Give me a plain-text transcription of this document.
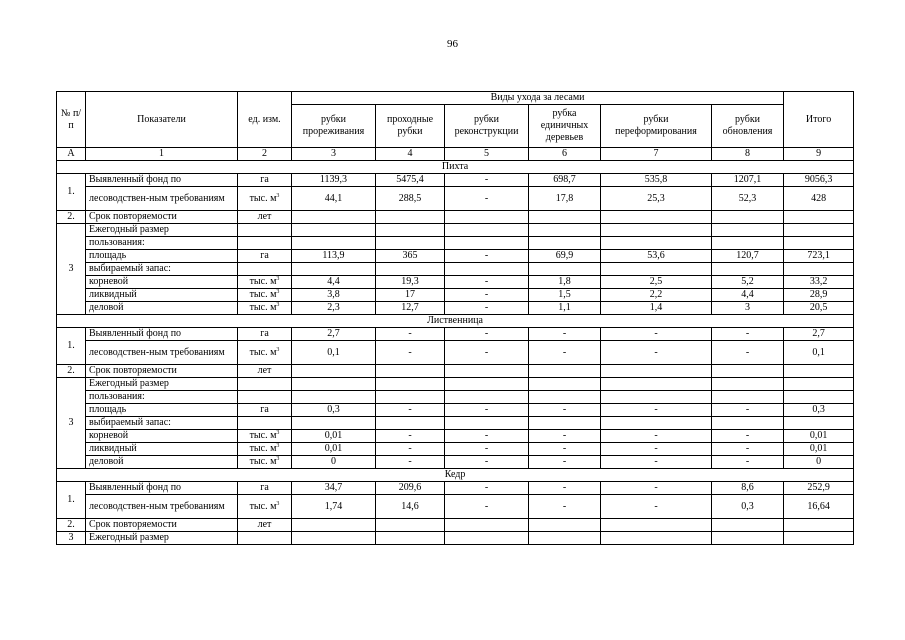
96
№ п/п	Показатели	ед. изм.	Виды ухода за лесами						Итого
			рубки прореживания	проходные рубки	рубки реконструкции	рубка единичных деревьев	рубки переформирования	рубки обновления	
А	1	2	3	4	5	6	7	8	9
Пихта									
1.	Выявленный фонд по	га	1139,3	5475,4	-	698,7	535,8	1207,1	9056,3
	лесоводствен-ным требованиям	тыс. $м^3$	44,1	288,5	-	17,8	25,3	52,3	428
2.	Срок повторяемости	лет							
3	Ежегодный размер								
	пользования:								
	площадь	га	113,9	365	-	69,9	53,6	120,7	723,1
	выбираемый запас:								
	корневой	тыс. $м^3$	4,4	19,3	-	1,8	2,5	5,2	33,2
	ликвидный	тыс. $м^3$	3,8	17	-	1,5	2,2	4,4	28,9
	деловой	тыс. $м^3$	2,3	12,7	-	1,1	1,4	3	20,5
Лиственница									
1.	Выявленный фонд по	га	2,7	-	-	-	-	-	2,7
	лесоводствен-ным требованиям	тыс. $м^3$	0,1	-	-	-	-	-	0,1
2.	Срок повторяемости	лет							
3	Ежегодный размер								
	пользования:								
	площадь	га	0,3	-	-	-	-	-	0,3
	выбираемый запас:								
	корневой	тыс. $м^3$	0,01	-	-	-	-	-	0,01
	ликвидный	тыс. $м^3$	0,01	-	-	-	-	-	0,01
	деловой	тыс. $м^3$	0	-	-	-	-	-	0
Кедр									
1.	Выявленный фонд по	га	34,7	209,6	-	-	-	8,6	252,9
	лесоводствен-ным требованиям	тыс. $м^3$	1,74	14,6	-	-	-	0,3	16,64
2.	Срок повторяемости	лет							
3	Ежегодный размер								
